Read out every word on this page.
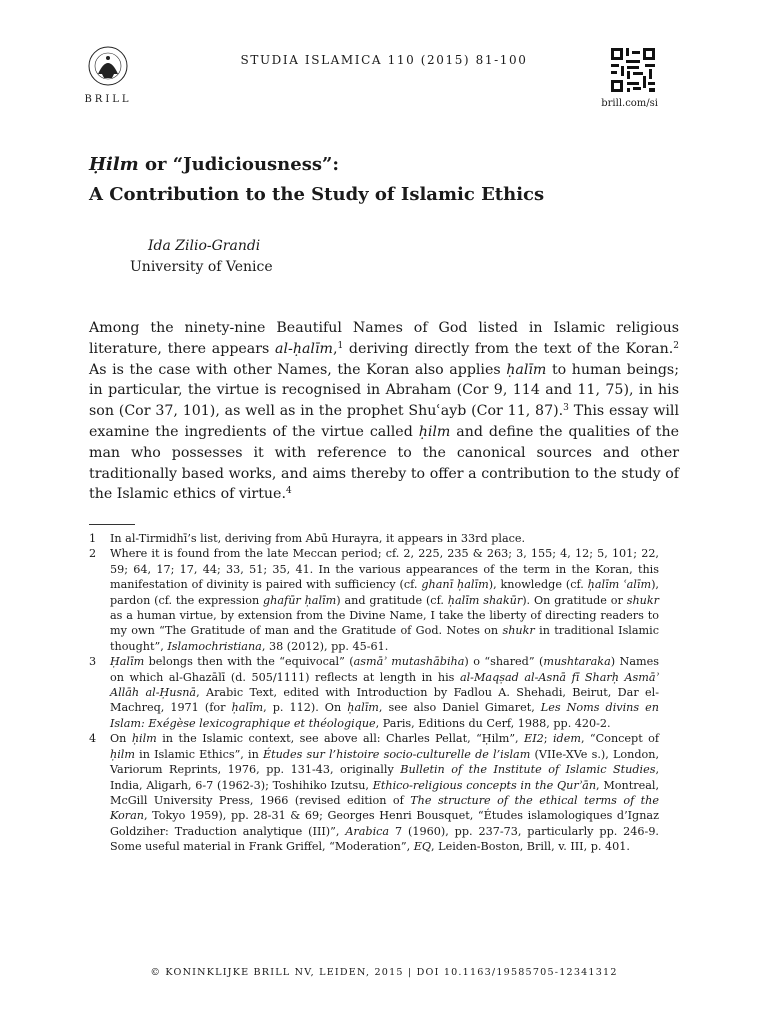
BRILL
STUDIA ISLAMICA 110 (2015) 81-100
brill.com/si
Ḥilm or “Judiciousness”:
A Contribution to the Study of Islamic Ethics
Ida Zilio-Grandi
University of Venice
Among the ninety-nine Beautiful Names of God listed in Islamic religious literature, there appears al-ḥalīm,$^1$ deriving directly from the text of the Koran.$^2$ As is the case with other Names, the Koran also applies ḥalīm to human beings; in particular, the virtue is recognised in Abraham (Cor 9, 114 and 11, 75), in his son (Cor 37, 101), as well as in the prophet Shuʿayb (Cor 11, 87).$^3$ This essay will examine the ingredients of the virtue called ḥilm and define the qualities of the man who possesses it with reference to the canonical sources and other traditionally based works, and aims thereby to offer a contribution to the study of the Islamic ethics of virtue.$^4$
1 In al-Tirmidhī’s list, deriving from Abū Hurayra, it appears in 33rd place.
2 Where it is found from the late Meccan period; cf. 2, 225, 235 & 263; 3, 155; 4, 12; 5, 101; 22, 59; 64, 17; 17, 44; 33, 51; 35, 41. In the various appearances of the term in the Koran, this manifestation of divinity is paired with sufficiency (cf. ghanī ḥalīm), knowledge (cf. ḥalīm ʿalīm), pardon (cf. the expression ghafūr ḥalīm) and gratitude (cf. ḥalīm shakūr). On gratitude or shukr as a human virtue, by extension from the Divine Name, I take the liberty of directing readers to my own “The Gratitude of man and the Gratitude of God. Notes on shukr in traditional Islamic thought”, Islamochristiana, 38 (2012), pp. 45-61.
3 Ḥalīm belongs then with the “equivocal” (asmāʾ mutashābiha) o “shared” (mushtaraka) Names on which al-Ghazālī (d. 505/1111) reflects at length in his al-Maqṣad al-Asnā fī Sharḥ Asmāʾ Allāh al-Ḥusnā, Arabic Text, edited with Introduction by Fadlou A. Shehadi, Beirut, Dar el-Machreq, 1971 (for ḥalīm, p. 112). On ḥalīm, see also Daniel Gimaret, Les Noms divins en Islam: Exégèse lexicographique et théologique, Paris, Editions du Cerf, 1988, pp. 420-2.
4 On ḥilm in the Islamic context, see above all: Charles Pellat, “Ḥilm”, EI2; idem, “Concept of ḥilm in Islamic Ethics”, in Études sur l’histoire socio-culturelle de l’islam (VIIe-XVe s.), London, Variorum Reprints, 1976, pp. 131-43, originally Bulletin of the Institute of Islamic Studies, India, Aligarh, 6-7 (1962-3); Toshihiko Izutsu, Ethico-religious concepts in the Qurʾān, Montreal, McGill University Press, 1966 (revised edition of The structure of the ethical terms of the Koran, Tokyo 1959), pp. 28-31 & 69; Georges Henri Bousquet, “Études islamologiques d’Ignaz Goldziher: Traduction analytique (III)”, Arabica 7 (1960), pp. 237-73, particularly pp. 246-9. Some useful material in Frank Griffel, “Moderation”, EQ, Leiden-Boston, Brill, v. III, p. 401.
© KONINKLIJKE BRILL NV, LEIDEN, 2015 | DOI 10.1163/19585705-12341312
